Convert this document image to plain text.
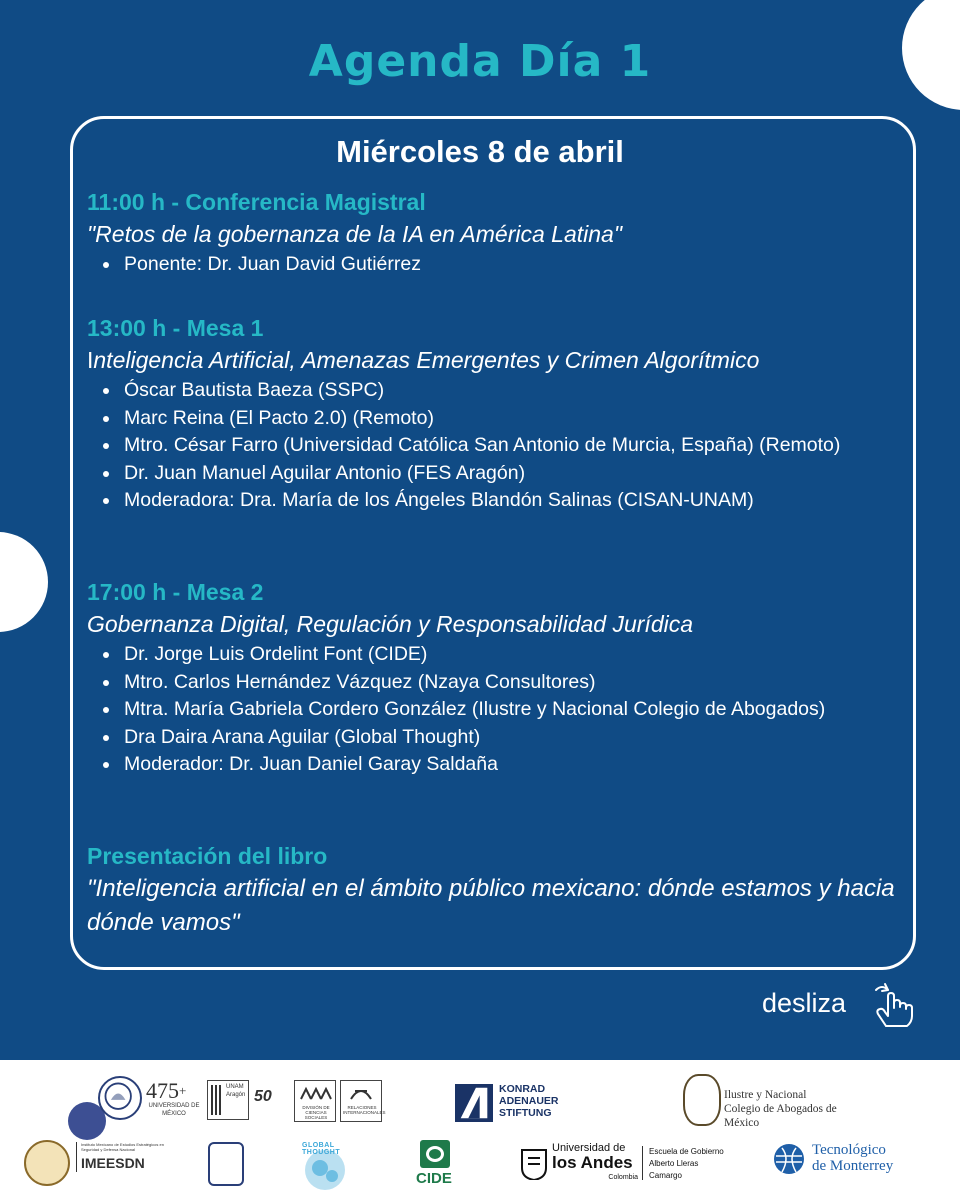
Agenda Día 1
Miércoles 8 de abril
11:00 h - Conferencia Magistral
"Retos de la gobernanza de la IA en América Latina"
Ponente: Dr. Juan David Gutiérrez
13:00 h - Mesa 1
Inteligencia Artificial, Amenazas Emergentes y Crimen Algorítmico
Óscar Bautista Baeza (SSPC)
Marc Reina (El Pacto 2.0) (Remoto)
Mtro. César Farro (Universidad Católica San Antonio de Murcia, España) (Remoto)
Dr. Juan Manuel Aguilar Antonio (FES Aragón)
Moderadora: Dra. María de los Ángeles Blandón Salinas (CISAN-UNAM)
17:00 h - Mesa 2
Gobernanza Digital, Regulación y Responsabilidad Jurídica
Dr. Jorge Luis Ordelint Font (CIDE)
Mtro. Carlos Hernández Vázquez (Nzaya Consultores)
Mtra. María Gabriela Cordero González (Ilustre y Nacional Colegio de Abogados)
Dra Daira Arana Aguilar (Global Thought)
Moderador: Dr. Juan Daniel Garay Saldaña
Presentación del libro
"Inteligencia artificial en el ámbito público mexicano: dónde estamos y hacia dónde vamos"
desliza
475+
UNIVERSIDAD DE MÉXICO
UNAM Aragón 50
DIVISIÓN DE CIENCIAS SOCIALES
RELACIONES INTERNACIONALES
KONRAD
ADENAUER
STIFTUNG
Ilustre y Nacional Colegio de Abogados de México
Instituto Mexicano de Estudios Estratégicos en Seguridad y Defensa Nacional
IMEESDN
GLOBAL THOUGHT
CIDE
Universidad de
los Andes
Colombia
Escuela de Gobierno
Alberto Lleras Camargo
Tecnológico
de Monterrey
